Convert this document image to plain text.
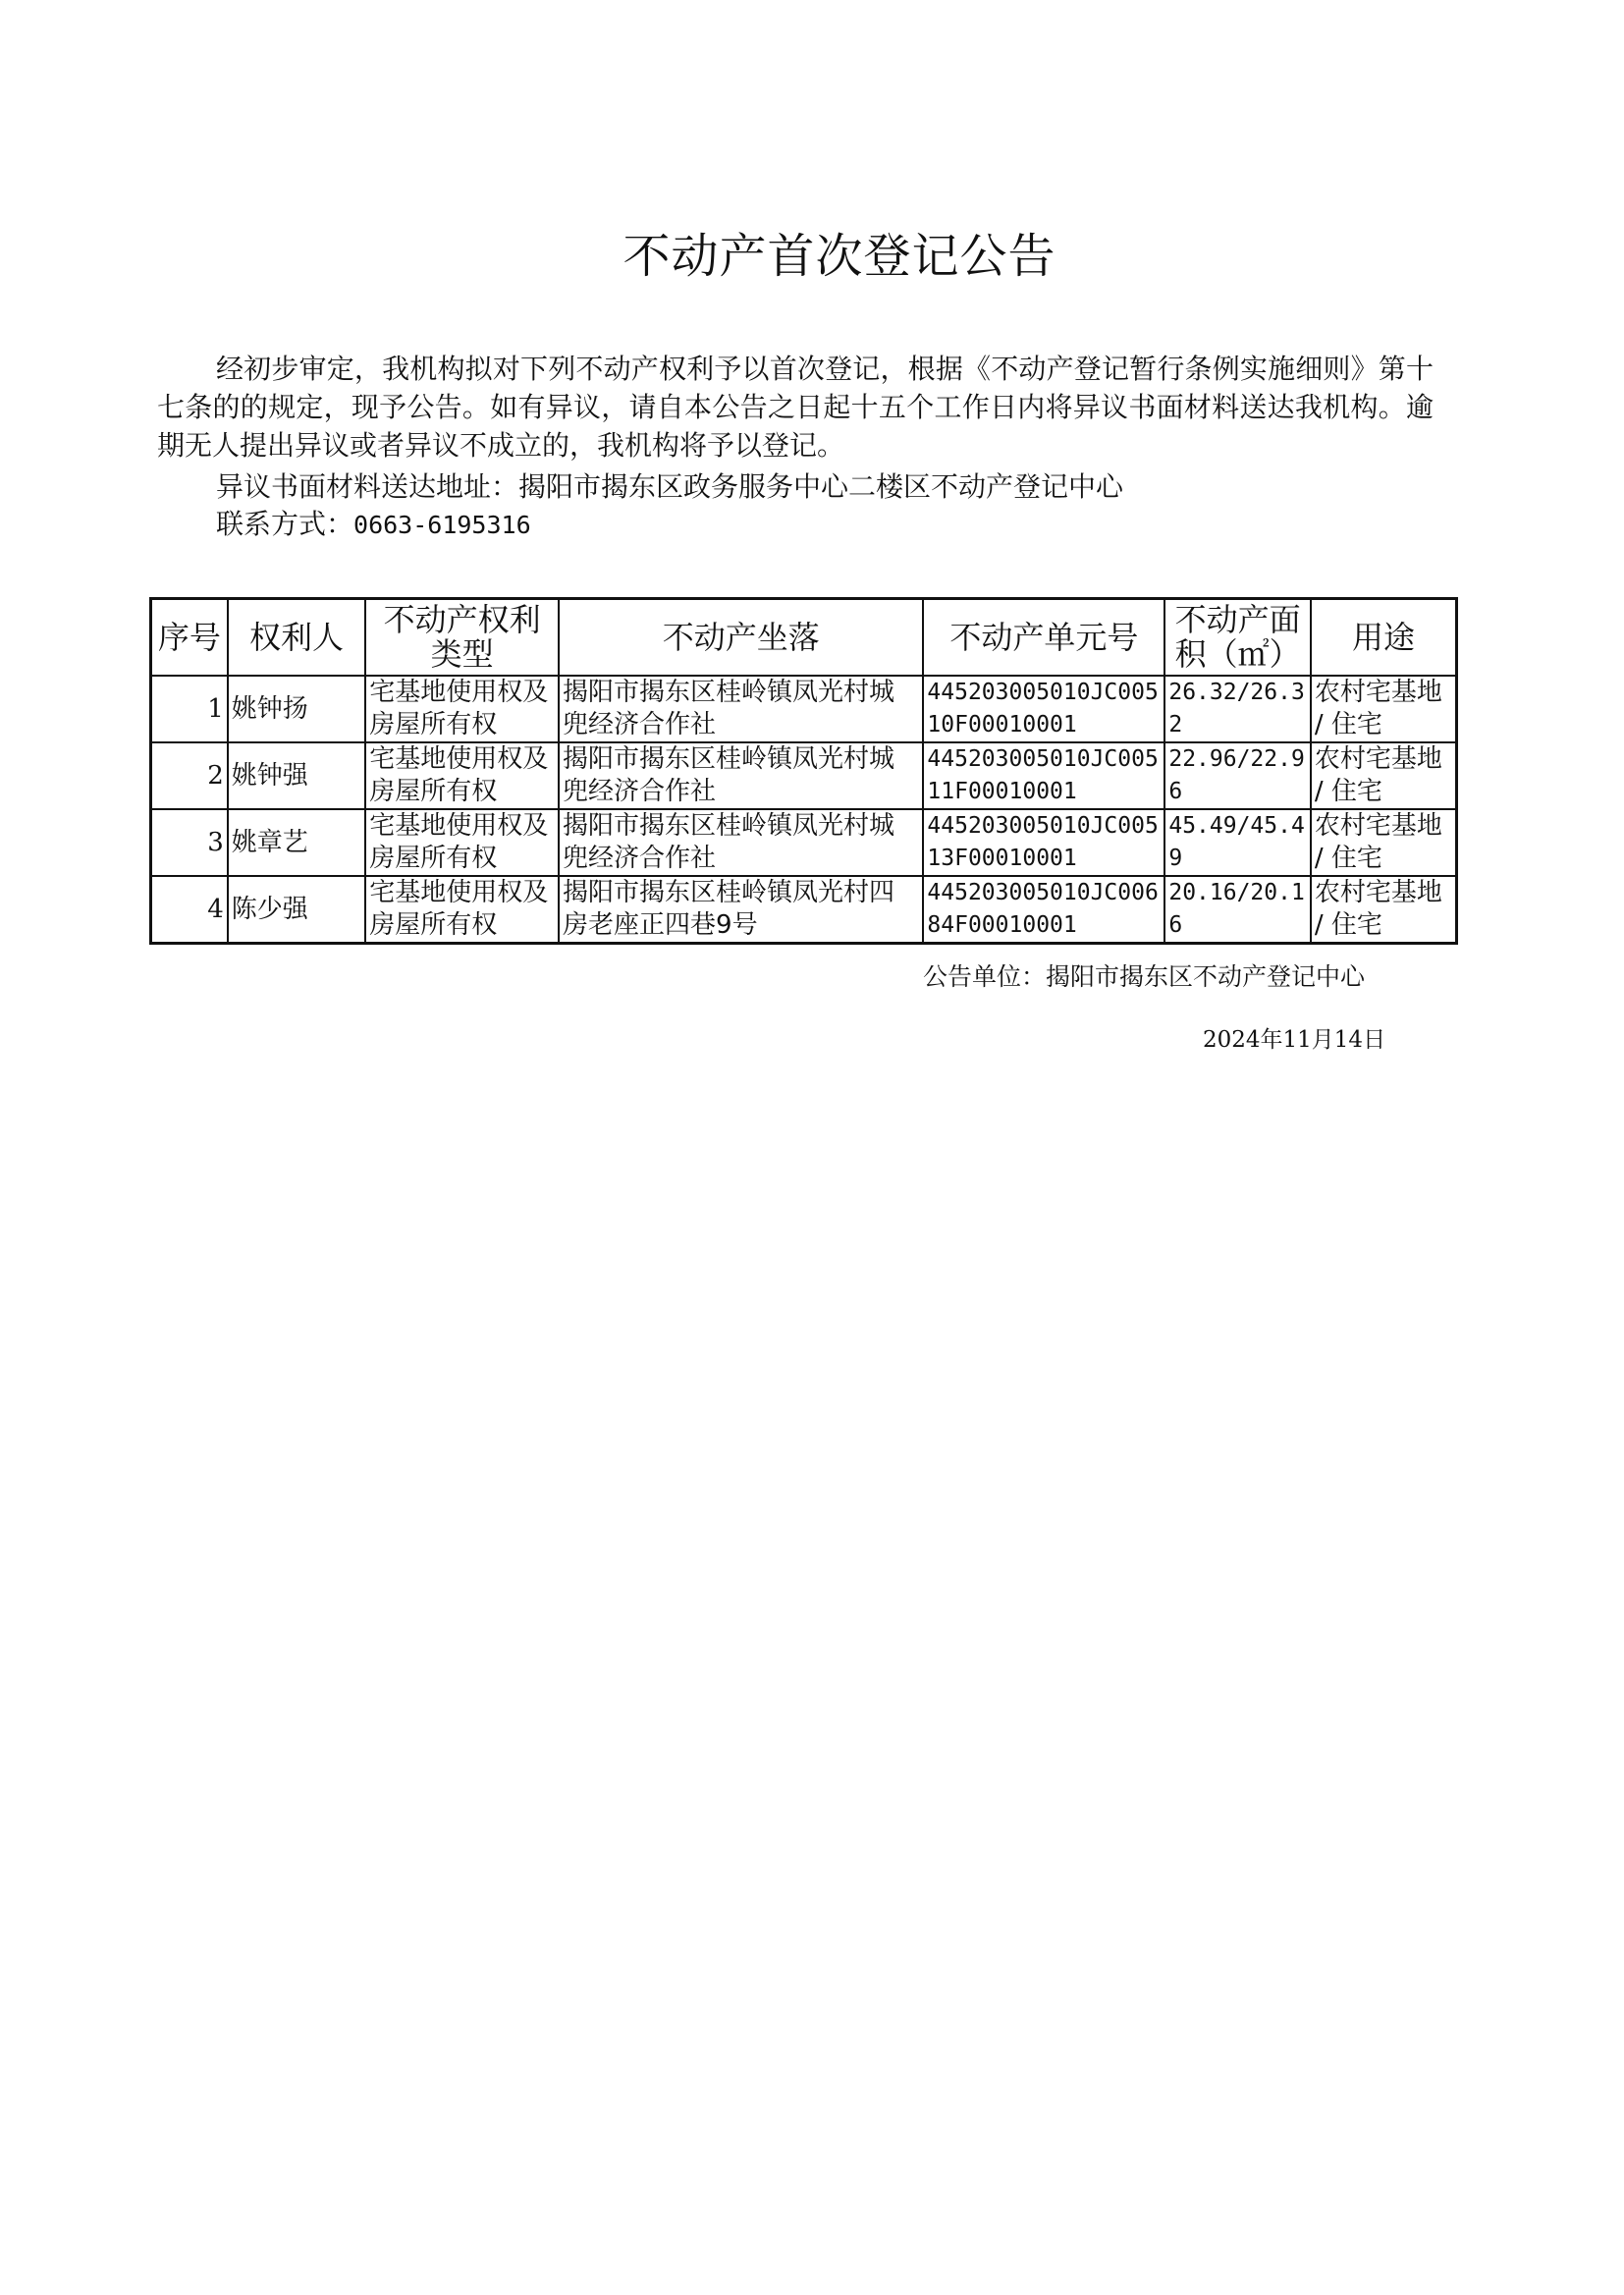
不动产首次登记公告

经初步审定，我机构拟对下列不动产权利予以首次登记，根据《不动产登记暂行条例实施细则》第十七条的的规定，现予公告。如有异议，请自本公告之日起十五个工作日内将异议书面材料送达我机构。逾期无人提出异议或者异议不成立的，我机构将予以登记。

异议书面材料送达地址：揭阳市揭东区政务服务中心二楼区不动产登记中心

联系方式：0663-6195316

序号	权利人	不动产权利类型	不动产坐落	不动产单元号	不动产面积（㎡）	用途
1	姚钟扬	宅基地使用权及房屋所有权	揭阳市揭东区桂岭镇凤光村城兜经济合作社	445203005010JC00510F00010001	26.32/26.32	农村宅基地 / 住宅
2	姚钟强	宅基地使用权及房屋所有权	揭阳市揭东区桂岭镇凤光村城兜经济合作社	445203005010JC00511F00010001	22.96/22.96	农村宅基地 / 住宅
3	姚章艺	宅基地使用权及房屋所有权	揭阳市揭东区桂岭镇凤光村城兜经济合作社	445203005010JC00513F00010001	45.49/45.49	农村宅基地 / 住宅
4	陈少强	宅基地使用权及房屋所有权	揭阳市揭东区桂岭镇凤光村四房老座正四巷9号	445203005010JC00684F00010001	20.16/20.16	农村宅基地 / 住宅

公告单位：揭阳市揭东区不动产登记中心

2024年11月14日
